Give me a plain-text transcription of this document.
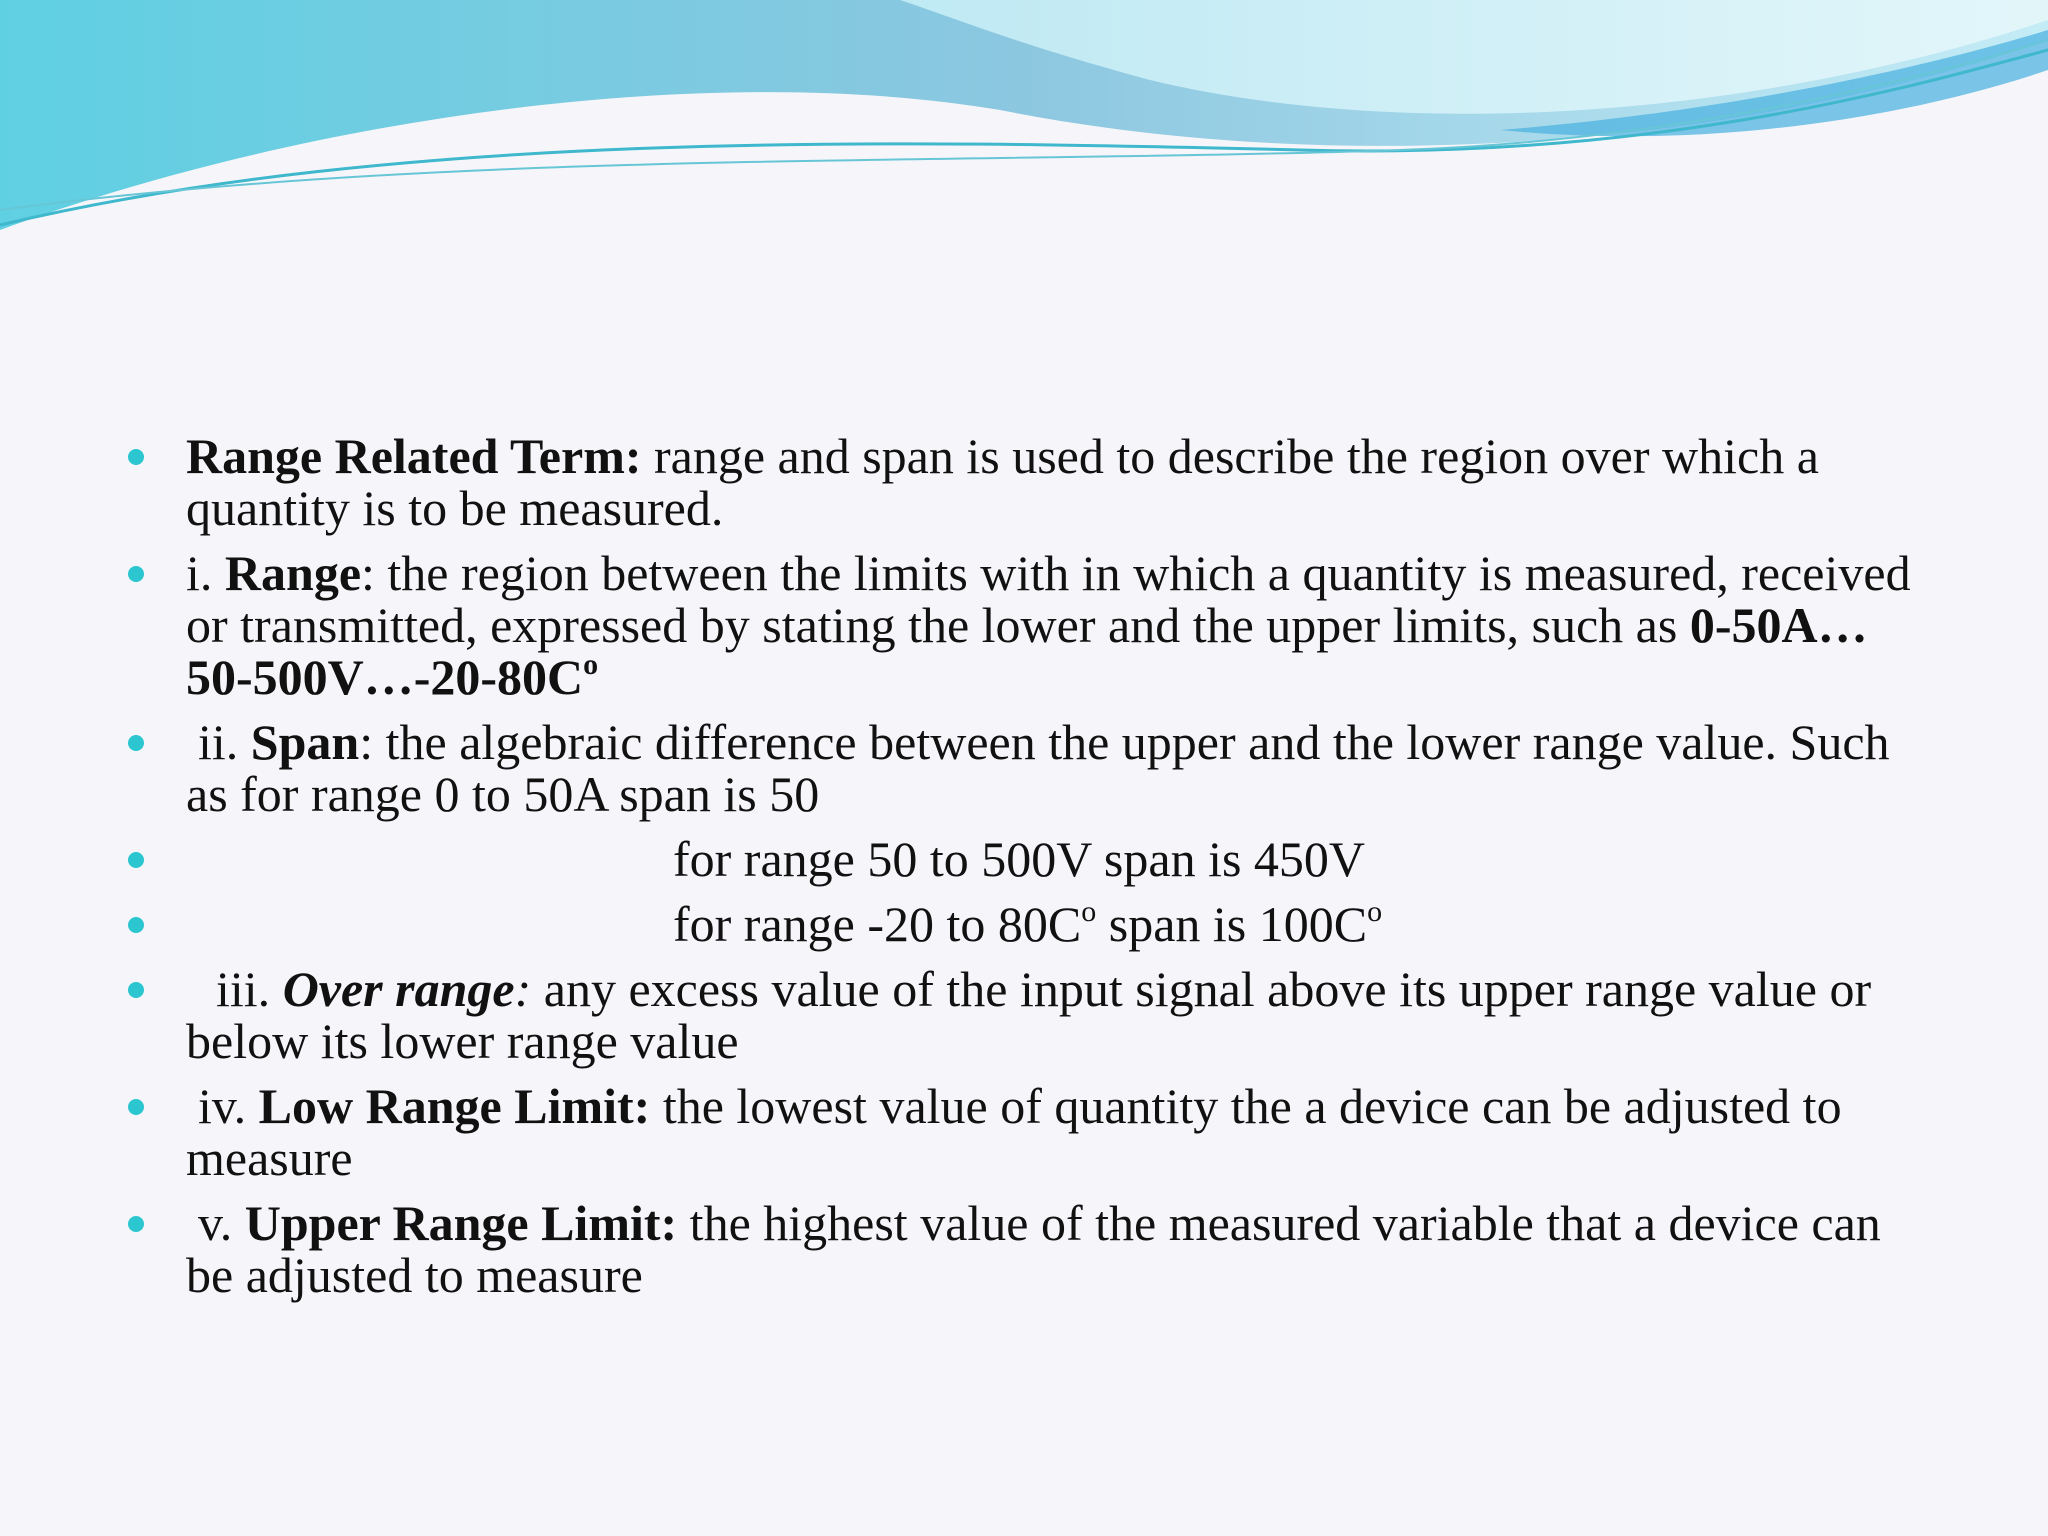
Range Related Term: range and span is used to describe the region over which a quantity is to be measured.
i. Range: the region between the limits with in which a quantity is measured, received or transmitted, expressed by stating the lower and the upper limits, such as $0-50A\dots 50-500V\dots-20-80C^o$
ii. Span: the algebraic difference between the upper and the lower range value. Such as for range 0 to 50A span is 50
for range 50 to 500V span is 450V
for range -20 to $80C^o$ span is $100C^o$
iii. Over range: any excess value of the input signal above its upper range value or below its lower range value
iv. Low Range Limit: the lowest value of quantity the a device can be adjusted to measure
v. Upper Range Limit: the highest value of the measured variable that a device can be adjusted to measure
